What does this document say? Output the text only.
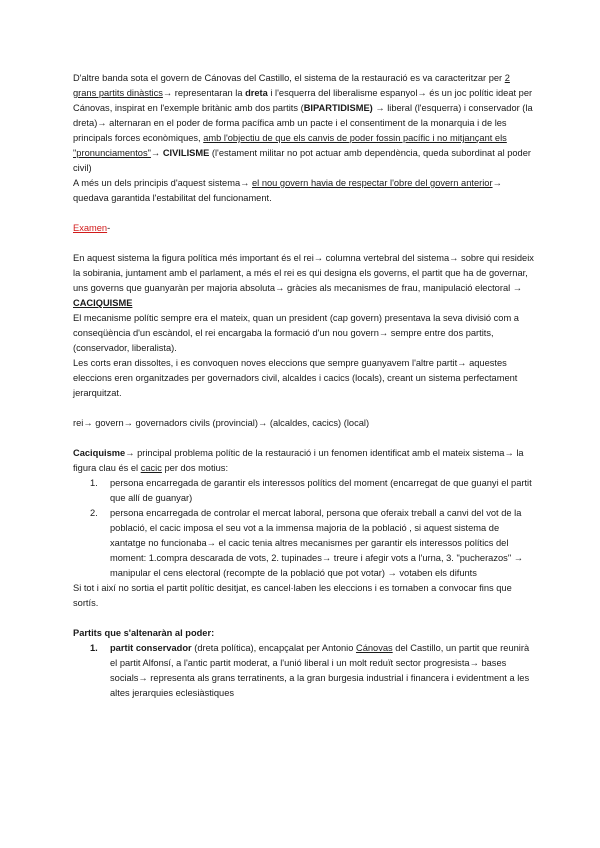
D'altre banda sota el govern de Cánovas del Castillo, el sistema de la restauració es va caracteritzar per 2 grans partits dinàstics→ representaran la dreta i l'esquerra del liberalisme espanyol→ és un joc polític ideat per Cánovas, inspirat en l'exemple britànic amb dos partits (BIPARTIDISME) → liberal (l'esquerra) i conservador (la dreta)→ alternaran en el poder de forma pacífica amb un pacte i el consentiment de la monarquia i de les principals forces econòmiques, amb l'objectiu de que els canvis de poder fossin pacífic i no mitjançant els "pronunciamentos"→ CIVILISME (l'estament militar no pot actuar amb dependència, queda subordinat al poder civil)

A més un dels principis d'aquest sistema→ el nou govern havia de respectar l'obre del govern anterior→ quedava garantida l'estabilitat del funcionament.

Examen-

En aquest sistema la figura política més important és el rei→ columna vertebral del sistema→ sobre qui resideix la sobirania, juntament amb el parlament, a més el rei es qui designa els governs, el partit que ha de governar, uns governs que guanyaràn per majoria absoluta→ gràcies als mecanismes de frau, manipulació electoral → CACIQUISME

El mecanisme polític sempre era el mateix, quan un president (cap govern) presentava la seva divisió com a conseqüència d'un escàndol, el rei encargaba la formació d'un nou govern→ sempre entre dos partits, (conservador, liberalista).

Les corts eran dissoltes, i es convoquen noves eleccions que sempre guanyavem l'altre partit→ aquestes eleccions eren organitzades per governadors civil, alcaldes i cacics (locals), creant un sistema perfectament jerarquitzat.

rei→ govern→ governadors civils (provincial)→ (alcaldes, cacics) (local)

Caciquisme→ principal problema polític de la restauració i un fenomen identificat amb el mateix sistema→ la figura clau és el cacic per dos motius:

1. persona encarregada de garantir els interessos polítics del moment (encarregat de que guanyi el partit que allí de guanyar)
2. persona encarregada de controlar el mercat laboral, persona que oferaix treball a canvi del vot de la població, el cacic imposa el seu vot a la immensa majoria de la població , si aquest sistema de xantatge no funcionaba→ el cacic tenia altres mecanismes per garantir els interessos polítics del moment: 1.compra descarada de vots, 2. tupinades→ treure i afegir vots a l'urna, 3. "pucherazos" → manipular el cens electoral (recompte de la població que pot votar) → votaben els difunts

Si tot i així no sortia el partit polític desitjat, es cancel·laben les eleccions i es tornaben a convocar fins que sortís.

Partits que s'altenaràn al poder:

1. partit conservador (dreta política), encapçalat per Antonio Cánovas del Castillo, un partit que reunirà el partit Alfonsí, a l'antic partit moderat, a l'unió liberal i un molt reduït sector progresista→ bases socials→ representa als grans terratinents, a la gran burgesia industrial i financera i evidentment a les altes jerarquies eclesiàstiques
